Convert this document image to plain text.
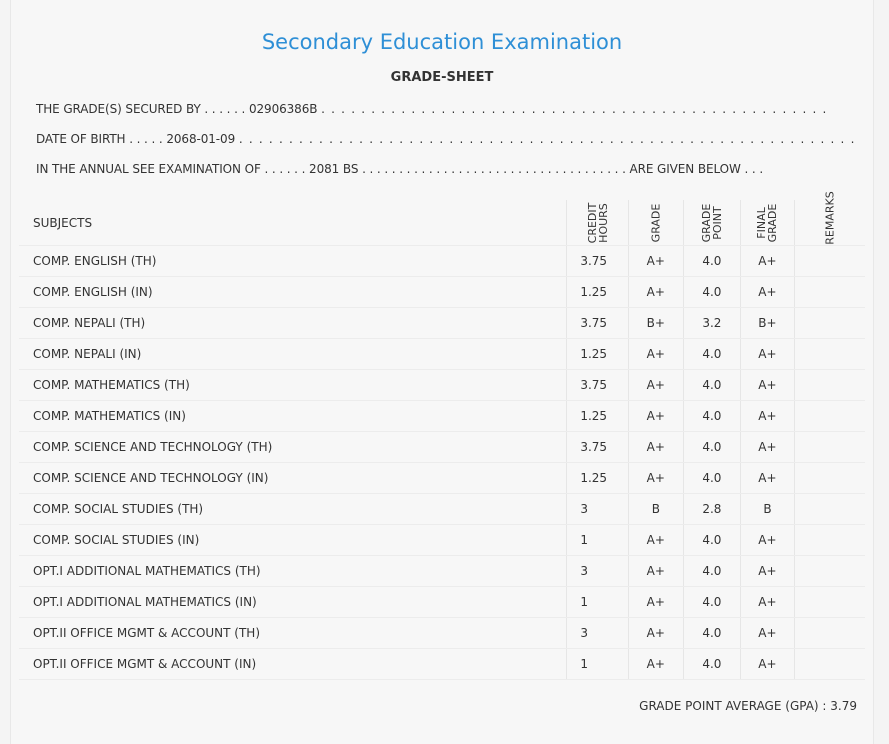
Secondary Education Examination
GRADE-SHEET
THE GRADE(S) SECURED BY . . . . . . 02906386B . . . . . . . . . . . . . . . . . . . . . . . . . . . . . . . . . . . . . . . . . . . . . . . . . . .
DATE OF BIRTH . . . . . 2068-01-09 . . . . . . . . . . . . . . . . . . . . . . . . . . . . . . . . . . . . . . . . . . . . . . . . . . . . . . . . . . . . . .
IN THE ANNUAL SEE EXAMINATION OF . . . . . . 2081 BS . . . . . . . . . . . . . . . . . . . . . . . . . . . . . . . . . . . . ARE GIVEN BELOW . . .
SUBJECTS	CREDIT HOURS	GRADE	GRADE POINT	FINAL GRADE	REMARKS

COMP. ENGLISH (TH)	3.75	A+	4.0	A+	
COMP. ENGLISH (IN)	1.25	A+	4.0	A+	
COMP. NEPALI (TH)	3.75	B+	3.2	B+	
COMP. NEPALI (IN)	1.25	A+	4.0	A+	
COMP. MATHEMATICS (TH)	3.75	A+	4.0	A+	
COMP. MATHEMATICS (IN)	1.25	A+	4.0	A+	
COMP. SCIENCE AND TECHNOLOGY (TH)	3.75	A+	4.0	A+	
COMP. SCIENCE AND TECHNOLOGY (IN)	1.25	A+	4.0	A+	
COMP. SOCIAL STUDIES (TH)	3	B	2.8	B	
COMP. SOCIAL STUDIES (IN)	1	A+	4.0	A+	
OPT.I ADDITIONAL MATHEMATICS (TH)	3	A+	4.0	A+	
OPT.I ADDITIONAL MATHEMATICS (IN)	1	A+	4.0	A+	
OPT.II OFFICE MGMT & ACCOUNT (TH)	3	A+	4.0	A+	
OPT.II OFFICE MGMT & ACCOUNT (IN)	1	A+	4.0	A+	
GRADE POINT AVERAGE (GPA) : 3.79
